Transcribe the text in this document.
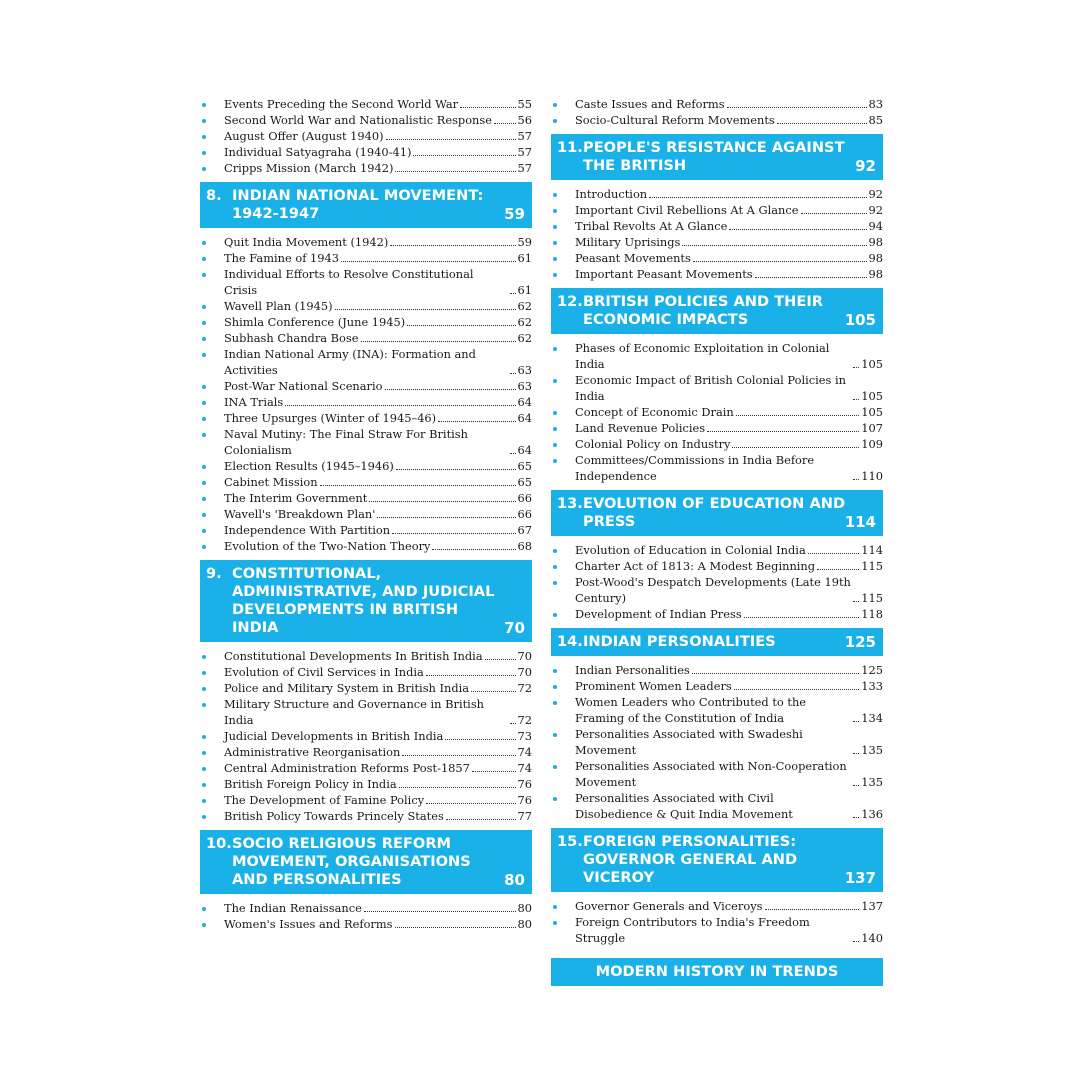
Events Preceding the Second World War	55
Second World War and Nationalistic Response 56
August Offer (August 1940)	57
Individual Satyagraha (1940-41)	57
Cripps Mission (March 1942)	57
8. INDIAN NATIONAL MOVEMENT: 1942-1947	59
Quit India Movement (1942)	59
The Famine of 1943	61
Individual Efforts to Resolve Constitutional Crisis	61
Wavell Plan (1945)	62
Shimla Conference (June 1945)	62
Subhash Chandra Bose	62
Indian National Army (INA): Formation and Activities	63
Post-War National Scenario	63
INA Trials	64
Three Upsurges (Winter of 1945–46)	64
Naval Mutiny: The Final Straw For British Colonialism	64
Election Results (1945–1946)	65
Cabinet Mission	65
The Interim Government	66
Wavell's 'Breakdown Plan'	66
Independence With Partition	67
Evolution of the Two-Nation Theory	68
9. CONSTITUTIONAL, ADMINISTRATIVE, AND JUDICIAL DEVELOPMENTS IN BRITISH INDIA	70
Constitutional Developments In British India	70
Evolution of Civil Services in India	70
Police and Military System in British India	72
Military Structure and Governance in British India	72
Judicial Developments in British India	73
Administrative Reorganisation	74
Central Administration Reforms Post-1857	74
British Foreign Policy in India	76
The Development of Famine Policy	76
British Policy Towards Princely States	77
10. SOCIO RELIGIOUS REFORM MOVEMENT, ORGANISATIONS AND PERSONALITIES	80
The Indian Renaissance	80
Women's Issues and Reforms	80
Caste Issues and Reforms	83
Socio-Cultural Reform Movements	85
11. PEOPLE'S RESISTANCE AGAINST THE BRITISH	92
Introduction	92
Important Civil Rebellions At A Glance	92
Tribal Revolts At A Glance	94
Military Uprisings	98
Peasant Movements	98
Important Peasant Movements	98
12. BRITISH POLICIES AND THEIR ECONOMIC IMPACTS	105
Phases of Economic Exploitation in Colonial India	105
Economic Impact of British Colonial Policies in India	105
Concept of Economic Drain	105
Land Revenue Policies	107
Colonial Policy on Industry	109
Committees/Commissions in India Before Independence	110
13. EVOLUTION OF EDUCATION AND PRESS	114
Evolution of Education in Colonial India	114
Charter Act of 1813: A Modest Beginning	115
Post-Wood's Despatch Developments (Late 19th Century)	115
Development of Indian Press	118
14. INDIAN PERSONALITIES	125
Indian Personalities	125
Prominent Women Leaders	133
Women Leaders who Contributed to the Framing of the Constitution of India	134
Personalities Associated with Swadeshi Movement	135
Personalities Associated with Non-Cooperation Movement	135
Personalities Associated with Civil Disobedience & Quit India Movement	136
15. FOREIGN PERSONALITIES: GOVERNOR GENERAL AND VICEROY	137
Governor Generals and Viceroys	137
Foreign Contributors to India's Freedom Struggle	140
MODERN HISTORY IN TRENDS
